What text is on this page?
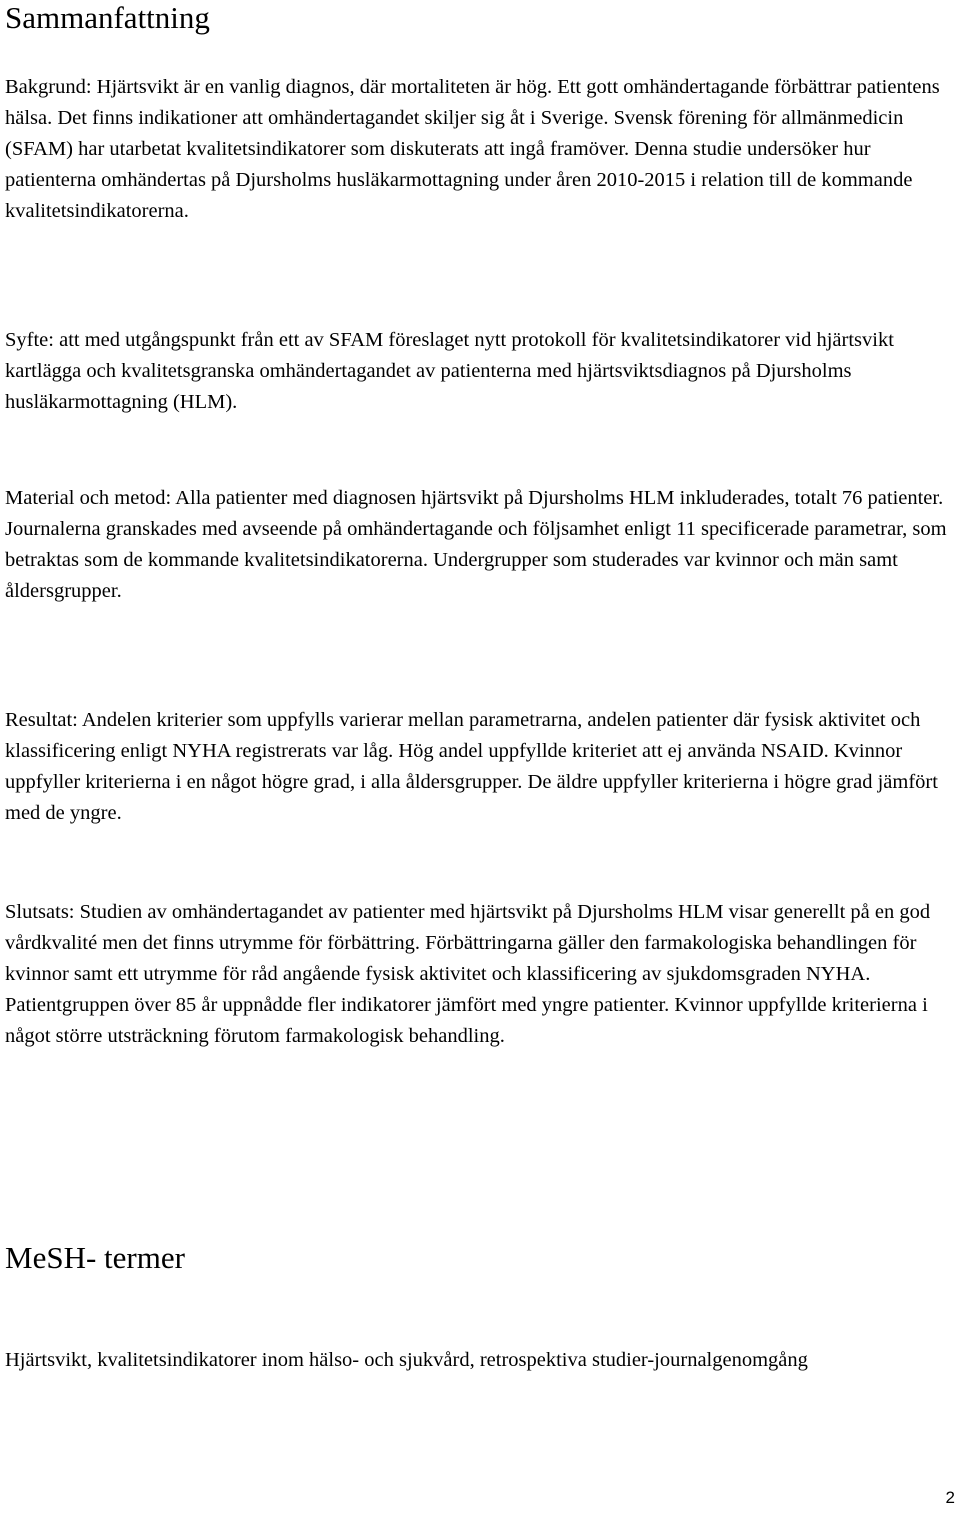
Sammanfattning

Bakgrund: Hjärtsvikt är en vanlig diagnos, där mortaliteten är hög. Ett gott omhändertagande förbättrar patientens hälsa. Det finns indikationer att omhändertagandet skiljer sig åt i Sverige. Svensk förening för allmänmedicin (SFAM) har utarbetat kvalitetsindikatorer som diskuterats att ingå framöver. Denna studie undersöker hur patienterna omhändertas på Djursholms husläkarmottagning under åren 2010-2015 i relation till de kommande kvalitetsindikatorerna.

Syfte: att med utgångspunkt från ett av SFAM föreslaget nytt protokoll för kvalitetsindikatorer vid hjärtsvikt kartlägga och kvalitetsgranska omhändertagandet av patienterna med hjärtsviktsdiagnos på Djursholms husläkarmottagning (HLM).

Material och metod: Alla patienter med diagnosen hjärtsvikt på Djursholms HLM inkluderades, totalt 76 patienter. Journalerna granskades med avseende på omhändertagande och följsamhet enligt 11 specificerade parametrar, som betraktas som de kommande kvalitetsindikatorerna. Undergrupper som studerades var kvinnor och män samt åldersgrupper.

Resultat: Andelen kriterier som uppfylls varierar mellan parametrarna, andelen patienter där fysisk aktivitet och klassificering enligt NYHA registrerats var låg. Hög andel uppfyllde kriteriet att ej använda NSAID. Kvinnor uppfyller kriterierna i en något högre grad, i alla åldersgrupper. De äldre uppfyller kriterierna i högre grad jämfört med de yngre.

Slutsats: Studien av omhändertagandet av patienter med hjärtsvikt på Djursholms HLM visar generellt på en god vårdkvalité men det finns utrymme för förbättring. Förbättringarna gäller den farmakologiska behandlingen för kvinnor samt ett utrymme för råd angående fysisk aktivitet och klassificering av sjukdomsgraden NYHA. Patientgruppen över 85 år uppnådde fler indikatorer jämfört med yngre patienter. Kvinnor uppfyllde kriterierna i något större utsträckning förutom farmakologisk behandling.

MeSH- termer

Hjärtsvikt, kvalitetsindikatorer inom hälso- och sjukvård, retrospektiva studier-journalgenomgång

2
